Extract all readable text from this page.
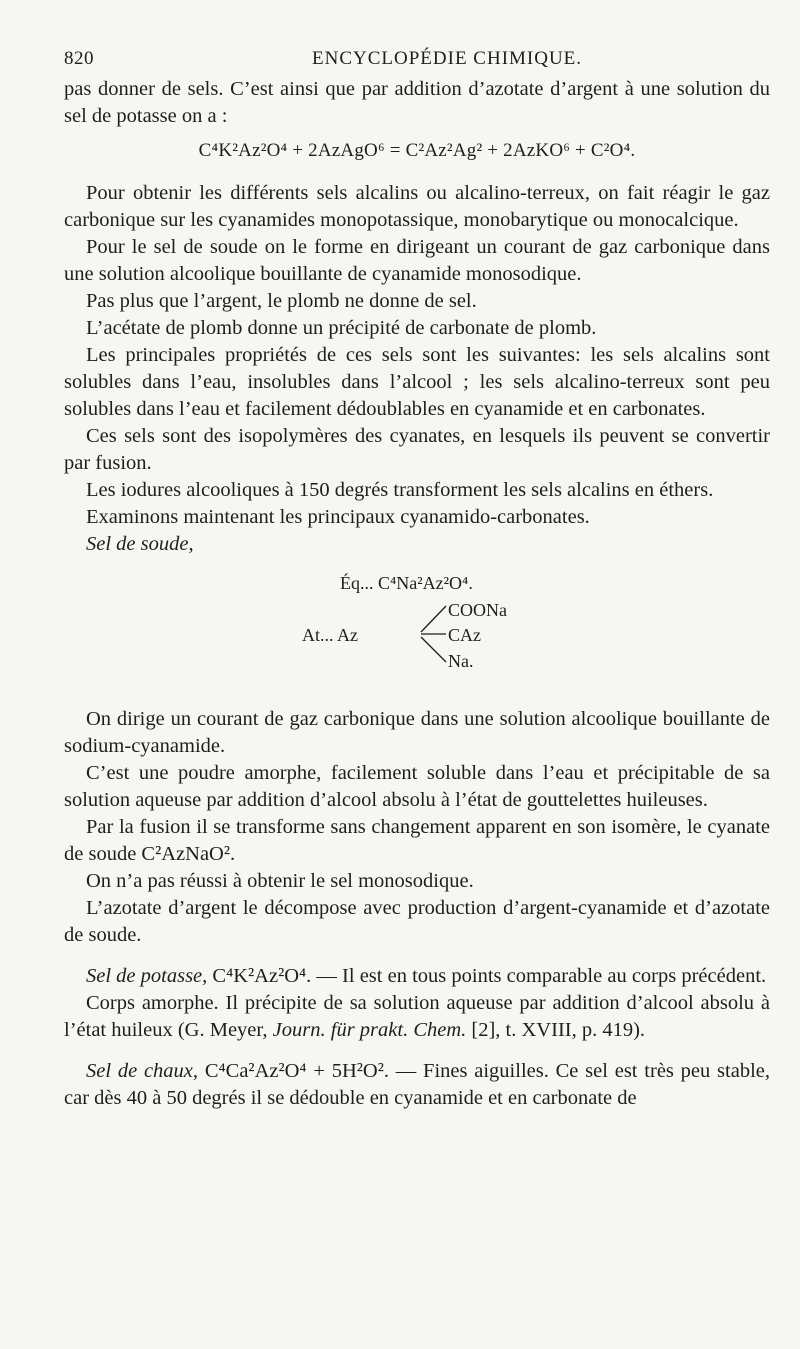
820	ENCYCLOPÉDIE CHIMIQUE.

pas donner de sels. C’est ainsi que par addition d’azotate d’argent à une solution du sel de potasse on a :

C⁴K²Az²O⁴ + 2AzAgO⁶ = C²Az²Ag² + 2AzKO⁶ + C²O⁴.

Pour obtenir les différents sels alcalins ou alcalino-terreux, on fait réagir le gaz carbonique sur les cyanamides monopotassique, monobarytique ou monocalcique.

Pour le sel de soude on le forme en dirigeant un courant de gaz carbonique dans une solution alcoolique bouillante de cyanamide monosodique.

Pas plus que l’argent, le plomb ne donne de sel.

L’acétate de plomb donne un précipité de carbonate de plomb.

Les principales propriétés de ces sels sont les suivantes: les sels alcalins sont solubles dans l’eau, insolubles dans l’alcool ; les sels alcalino-terreux sont peu solubles dans l’eau et facilement dédoublables en cyanamide et en carbonates.

Ces sels sont des isopolymères des cyanates, en lesquels ils peuvent se convertir par fusion.

Les iodures alcooliques à 150 degrés transforment les sels alcalins en éthers.

Examinons maintenant les principaux cyanamido-carbonates.

Sel de soude,

Éq... C⁴Na²Az²O⁴.
COONa
At... Az	CAz
Na.

On dirige un courant de gaz carbonique dans une solution alcoolique bouillante de sodium-cyanamide.

C’est une poudre amorphe, facilement soluble dans l’eau et précipitable de sa solution aqueuse par addition d’alcool absolu à l’état de gouttelettes huileuses.

Par la fusion il se transforme sans changement apparent en son isomère, le cyanate de soude C²AzNaO².

On n’a pas réussi à obtenir le sel monosodique.

L’azotate d’argent le décompose avec production d’argent-cyanamide et d’azotate de soude.

Sel de potasse, C⁴K²Az²O⁴. — Il est en tous points comparable au corps précédent.

Corps amorphe. Il précipite de sa solution aqueuse par addition d’alcool absolu à l’état huileux (G. Meyer, Journ. für prakt. Chem. [2], t. XVIII, p. 419).

Sel de chaux, C⁴Ca²Az²O⁴ + 5H²O². — Fines aiguilles. Ce sel est très peu stable, car dès 40 à 50 degrés il se dédouble en cyanamide et en carbonate de
